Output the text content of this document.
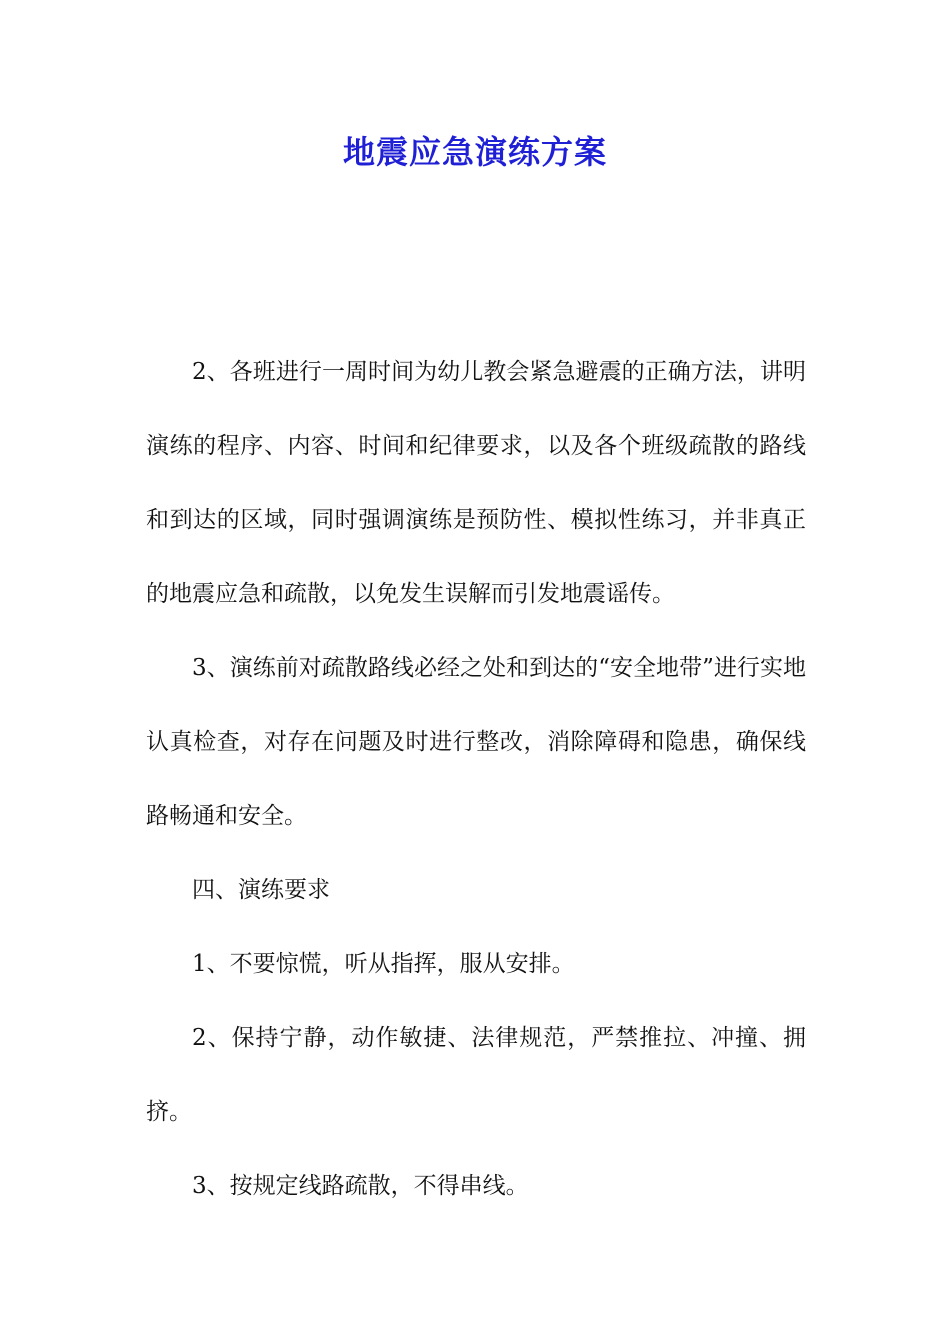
地震应急演练方案

2、各班进行一周时间为幼儿教会紧急避震的正确方法，讲明演练的程序、内容、时间和纪律要求，以及各个班级疏散的路线和到达的区域，同时强调演练是预防性、模拟性练习，并非真正的地震应急和疏散，以免发生误解而引发地震谣传。

3、演练前对疏散路线必经之处和到达的“安全地带”进行实地认真检查，对存在问题及时进行整改，消除障碍和隐患，确保线路畅通和安全。

四、演练要求

1、不要惊慌，听从指挥，服从安排。

2、保持宁静，动作敏捷、法律规范，严禁推拉、冲撞、拥挤。

3、按规定线路疏散，不得串线。
